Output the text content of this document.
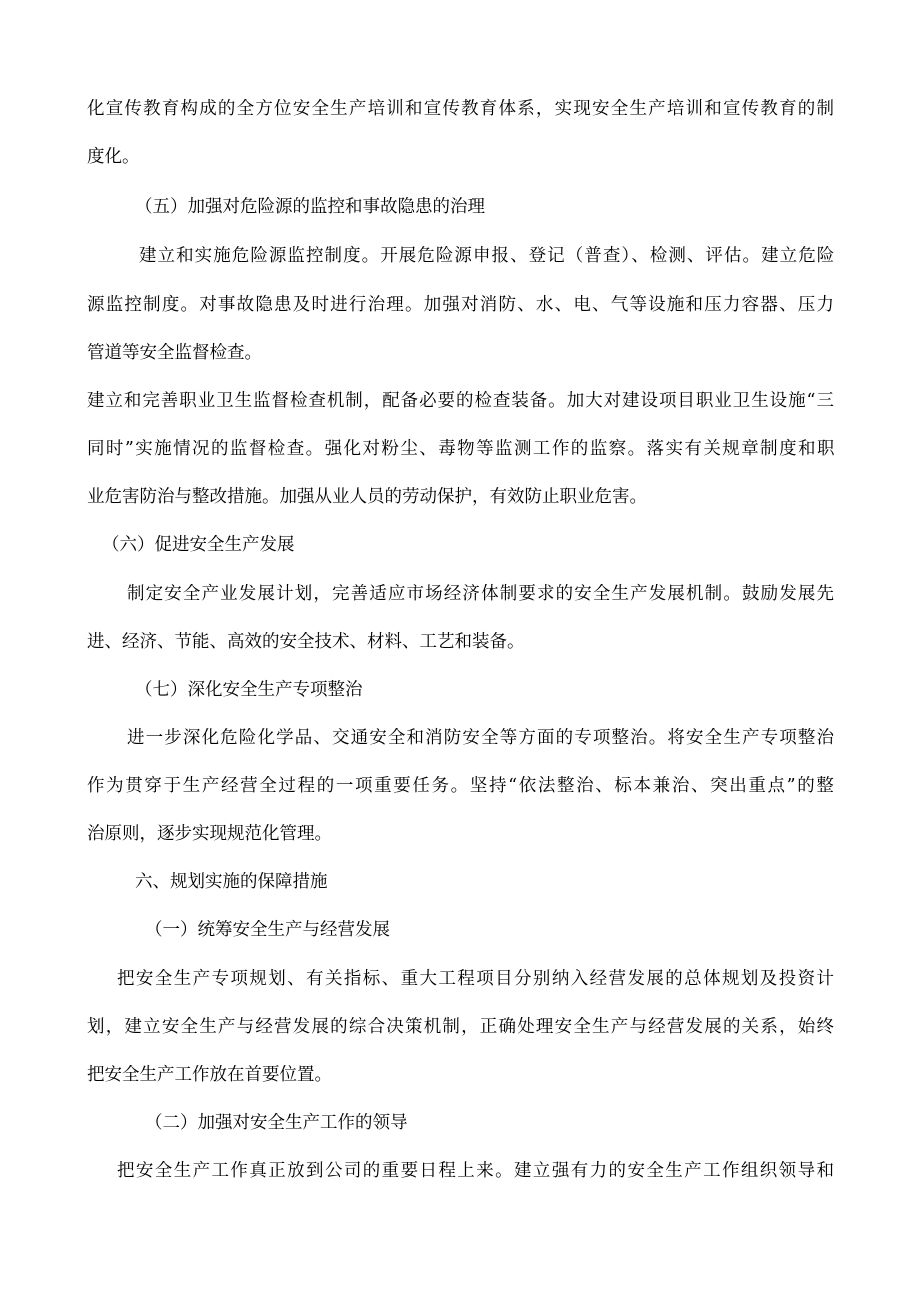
化宣传教育构成的全方位安全生产培训和宣传教育体系，实现安全生产培训和宣传教育的制
度化。
（五）加强对危险源的监控和事故隐患的治理
建立和实施危险源监控制度。开展危险源申报、登记（普查）、检测、评估。建立危险
源监控制度。对事故隐患及时进行治理。加强对消防、水、电、气等设施和压力容器、压力
管道等安全监督检查。
建立和完善职业卫生监督检查机制，配备必要的检查装备。加大对建设项目职业卫生设施“三
同时”实施情况的监督检查。强化对粉尘、毒物等监测工作的监察。落实有关规章制度和职
业危害防治与整改措施。加强从业人员的劳动保护，有效防止职业危害。
（六）促进安全生产发展
制定安全产业发展计划，完善适应市场经济体制要求的安全生产发展机制。鼓励发展先
进、经济、节能、高效的安全技术、材料、工艺和装备。
（七）深化安全生产专项整治
进一步深化危险化学品、交通安全和消防安全等方面的专项整治。将安全生产专项整治
作为贯穿于生产经营全过程的一项重要任务。坚持“依法整治、标本兼治、突出重点”的整
治原则，逐步实现规范化管理。
六、规划实施的保障措施
（一）统筹安全生产与经营发展
把安全生产专项规划、有关指标、重大工程项目分别纳入经营发展的总体规划及投资计
划，建立安全生产与经营发展的综合决策机制，正确处理安全生产与经营发展的关系，始终
把安全生产工作放在首要位置。
（二）加强对安全生产工作的领导
把安全生产工作真正放到公司的重要日程上来。建立强有力的安全生产工作组织领导和
